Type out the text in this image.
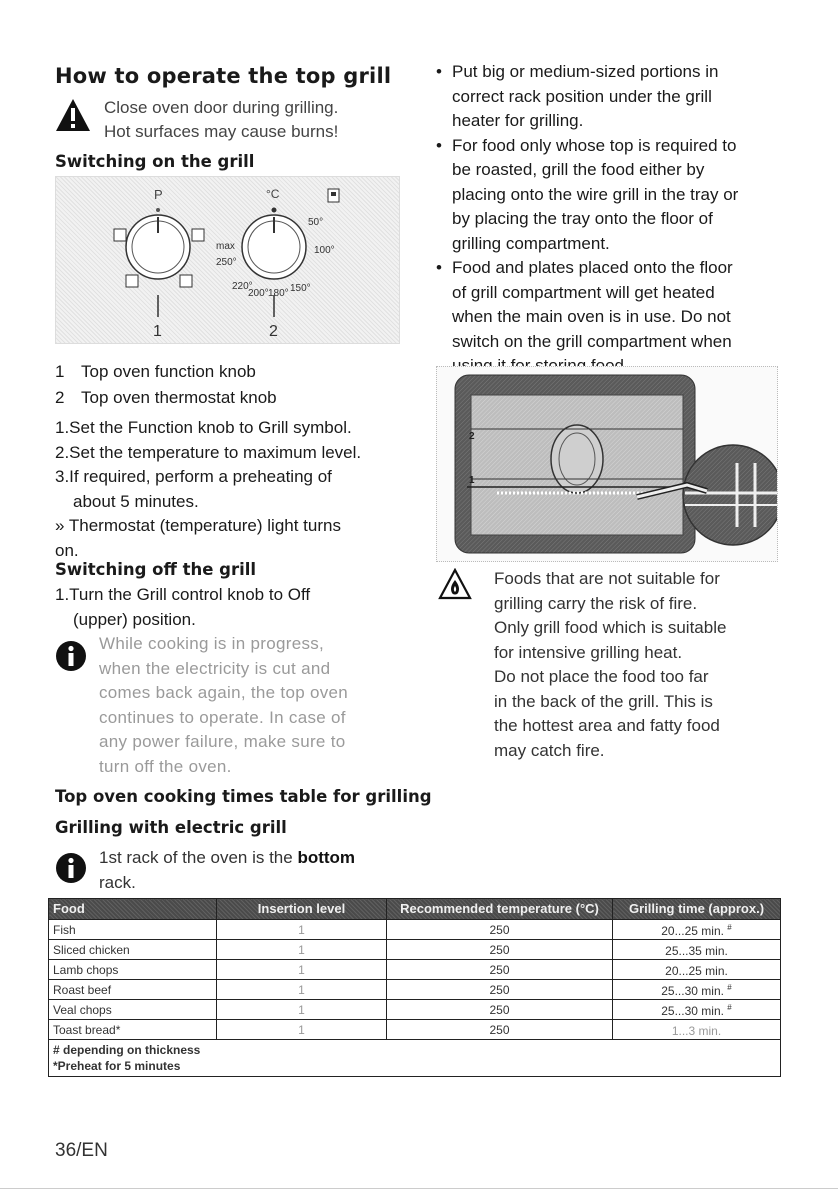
How to operate the top grill
Close oven door during grilling.
Hot surfaces may cause burns!
Switching on the grill
P	°C
50°
max	100°
250°
220°
200° 180° 150°
1	2
1 Top oven function knob
2 Top oven thermostat knob
1.Set the Function knob to Grill symbol.
2.Set the temperature to maximum level.
3.If required, perform a preheating of
about 5 minutes.
» Thermostat (temperature) light turns
on.
Switching off the grill
1.Turn the Grill control knob to Off
(upper) position.
While cooking is in progress,
when the electricity is cut and
comes back again, the top oven
continues to operate. In case of
any power failure, make sure to
turn off the oven.
• Put big or medium-sized portions in
correct rack position under the grill
heater for grilling.
• For food only whose top is required to
be roasted, grill the food either by
placing onto the wire grill in the tray or
by placing the tray onto the floor of
grilling compartment.
• Food and plates placed onto the floor
of grill compartment will get heated
when the main oven is in use. Do not
switch on the grill compartment when
2
1
Foods that are not suitable for
grilling carry the risk of fire.
Only grill food which is suitable
for intensive grilling heat.
Do not place the food too far
in the back of the grill. This is
the hottest area and fatty food
may catch fire.
Top oven cooking times table for grilling
Grilling with electric grill
1st rack of the oven is the bottom
rack.
Food	Insertion level	Recommended temperature (°C)	Grilling time (approx.)
Fish	1	250	20...25 min. #
Sliced chicken	1	250	25...35 min.
Lamb chops	1	250	20...25 min.
Roast beef	1	250	25...30 min. #
Veal chops	1	250	25...30 min. #
Toast bread*	1	250	1...3 min.

# depending on thickness
*Preheat for 5 minutes			
36/EN
